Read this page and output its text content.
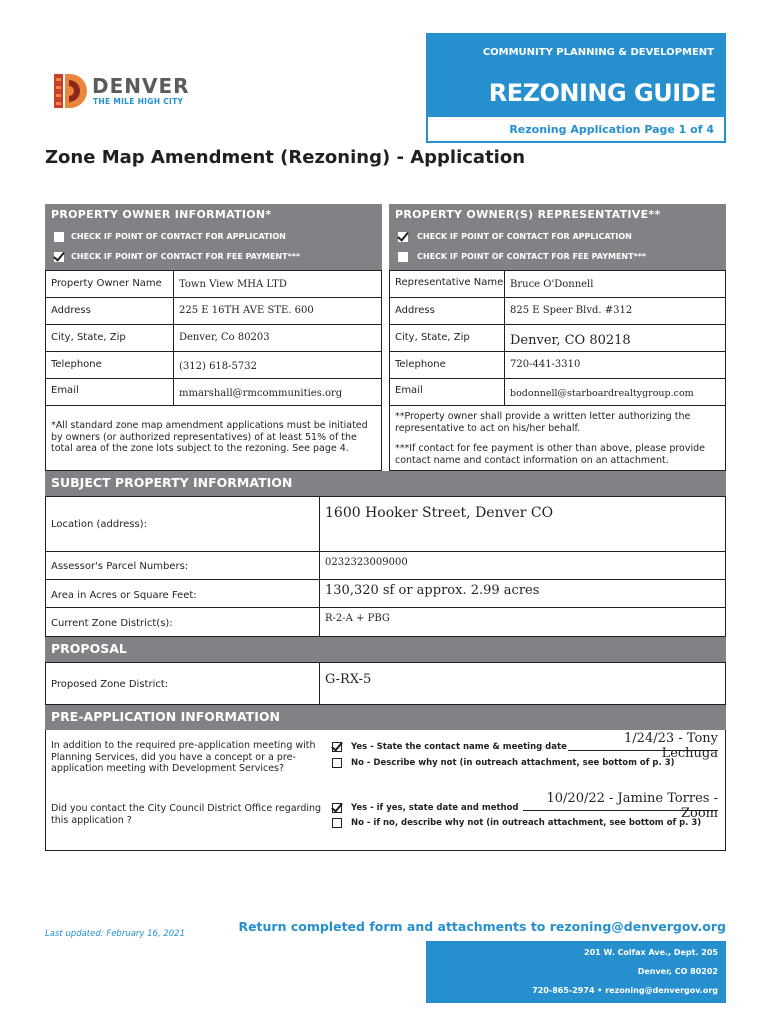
DENVER
THE MILE HIGH CITY
COMMUNITY PLANNING & DEVELOPMENT
REZONING GUIDE
Rezoning Application Page 1 of 4
Zone Map Amendment (Rezoning) - Application
PROPERTY OWNER INFORMATION*
CHECK IF POINT OF CONTACT FOR APPLICATION
CHECK IF POINT OF CONTACT FOR FEE PAYMENT***
PROPERTY OWNER(S) REPRESENTATIVE**
CHECK IF POINT OF CONTACT FOR APPLICATION
CHECK IF POINT OF CONTACT FOR FEE PAYMENT***
Property Owner Name	Town View MHA LTD
Address	225 E 16TH AVE STE. 600
City, State, Zip	Denver, Co 80203
Telephone	(312) 618-5732
Email	mmarshall@rmcommunities.org
*All standard zone map amendment applications must be initiated by owners (or authorized representatives) of at least 51% of the total area of the zone lots subject to the rezoning. See page 4.
Representative Name Bruce O'Donnell
Address	825 E Speer Blvd. #312
City, State, Zip	Denver, CO 80218
Telephone	720-441-3310
Email	bodonnell@starboardrealtygroup.com
**Property owner shall provide a written letter authorizing the representative to act on his/her behalf.
***If contact for fee payment is other than above, please provide contact name and contact information on an attachment.
SUBJECT PROPERTY INFORMATION
Location (address):
1600 Hooker Street, Denver CO
Assessor's Parcel Numbers:	0232323009000
Area in Acres or Square Feet:	130,320 sf or approx. 2.99 acres
Current Zone District(s):	R-2-A + PBG
PROPOSAL
Proposed Zone District:	G-RX-5
PRE-APPLICATION INFORMATION
In addition to the required pre-application meeting with Planning Services, did you have a concept or a pre-application meeting with Development Services?
Yes - State the contact name & meeting date
1/24/23 - Tony Lechuga
No - Describe why not (in outreach attachment, see bottom of p. 3)
Did you contact the City Council District Office regarding this application ?
Yes - if yes, state date and method
10/20/22 - Jamine Torres - Zoom
No - if no, describe why not (in outreach attachment, see bottom of p. 3)
Last updated: February 16, 2021	Return completed form and attachments to rezoning@denvergov.org
201 W. Colfax Ave., Dept. 205
Denver, CO 80202
720-865-2974 • rezoning@denvergov.org
